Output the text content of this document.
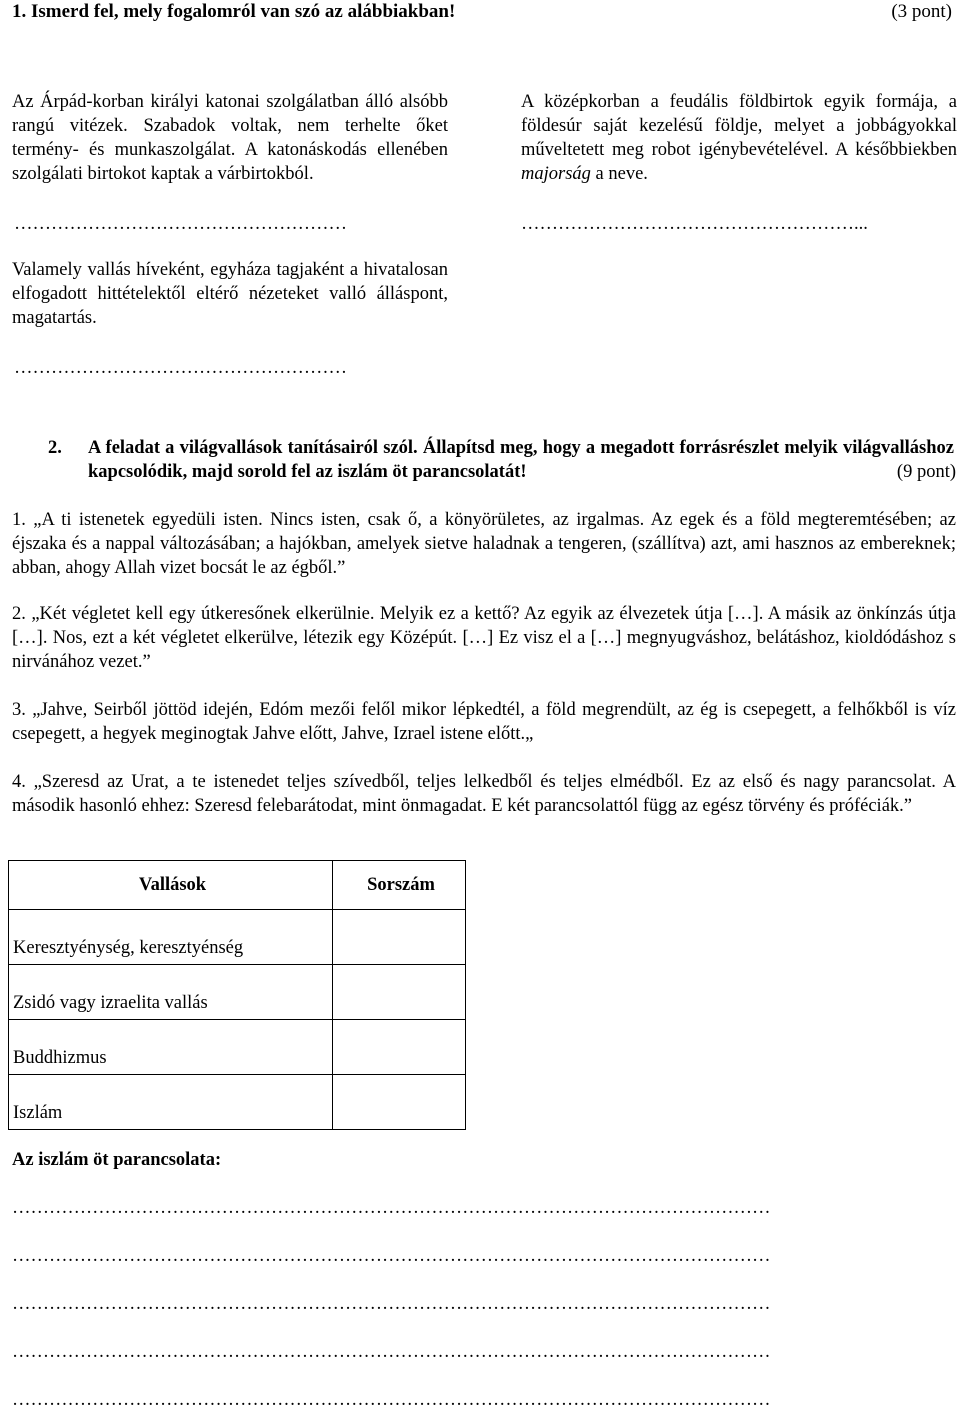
1. Ismerd fel, mely fogalomról van szó az alábbiakban!	(3 pont)
Az Árpád-korban királyi katonai szolgálatban álló alsóbb rangú vitézek. Szabadok voltak, nem terhelte őket termény- és munkaszolgálat. A katonáskodás ellenében szolgálati birtokot kaptak a várbirtokból.
A középkorban a feudális földbirtok egyik formája, a földesúr saját kezelésű földje, melyet a jobbágyokkal műveltetett meg robot igénybevételével. A későbbiekben majorság a neve.
………………………………………………	………………………………………………...
Valamely vallás híveként, egyháza tagjaként a hivatalosan elfogadott hittételektől eltérő nézeteket valló álláspont, magatartás.
………………………………………………
2.	A feladat a világvallások tanításairól szól. Állapítsd meg, hogy a megadott forrásrészlet melyik világvalláshoz kapcsolódik, majd sorold fel az iszlám öt parancsolatát!	(9 pont)
1. „A ti istenetek egyedüli isten. Nincs isten, csak ő, a könyörületes, az irgalmas. Az egek és a föld megteremtésében; az éjszaka és a nappal változásában; a hajókban, amelyek sietve haladnak a tengeren, (szállítva) azt, ami hasznos az embereknek; abban, ahogy Allah vizet bocsát le az égből.”
2. „Két végletet kell egy útkeresőnek elkerülnie. Melyik ez a kettő? Az egyik az élvezetek útja […]. A másik az önkínzás útja […]. Nos, ezt a két végletet elkerülve, létezik egy Középút. […] Ez visz el a […] megnyugváshoz, belátáshoz, kioldódáshoz s nirvánához vezet.”
3. „Jahve, Seirből jöttöd idején, Edóm mezői felől mikor lépkedtél, a föld megrendült, az ég is csepegett, a felhőkből is víz csepegett, a hegyek meginogtak Jahve előtt, Jahve, Izrael istene előtt.„
4. „Szeresd az Urat, a te istenedet teljes szívedből, teljes lelkedből és teljes elmédből. Ez az első és nagy parancsolat. A második hasonló ehhez: Szeresd felebarátodat, mint önmagadat. E két parancsolattól függ az egész törvény és próféciák.”
Vallások	Sorszám
Keresztyénység, keresztyénség	
Zsidó vagy izraelita vallás	
Buddhizmus	
Iszlám	
Az iszlám öt parancsolata:
……………………………………………………………………………………………………………
……………………………………………………………………………………………………………
……………………………………………………………………………………………………………
……………………………………………………………………………………………………………
……………………………………………………………………………………………………………
